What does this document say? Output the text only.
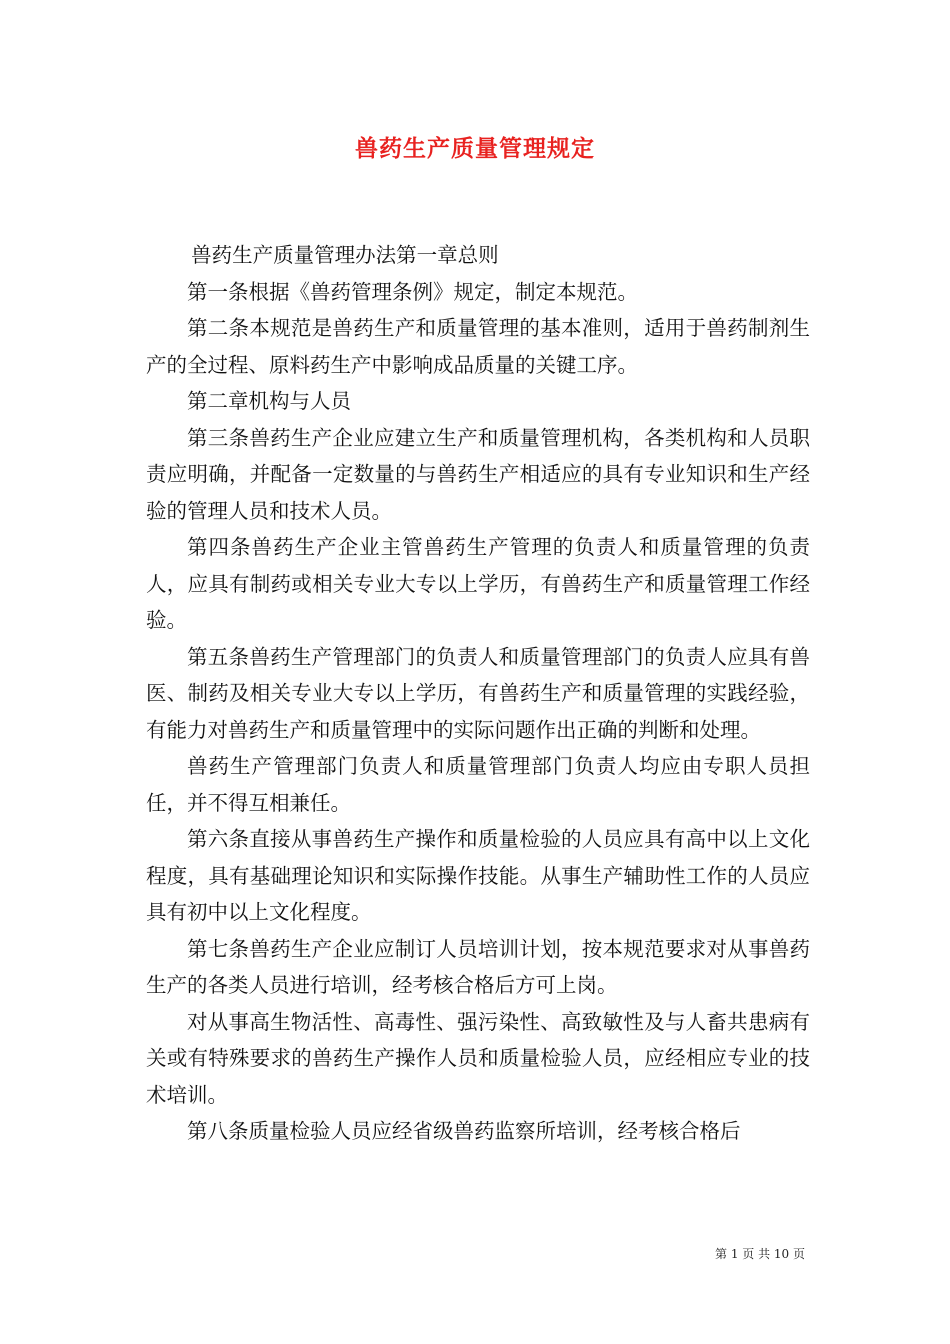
兽药生产质量管理规定

兽药生产质量管理办法第一章总则

第一条根据《兽药管理条例》规定，制定本规范。

第二条本规范是兽药生产和质量管理的基本准则，适用于兽药制剂生产的全过程、原料药生产中影响成品质量的关键工序。

第二章机构与人员

第三条兽药生产企业应建立生产和质量管理机构，各类机构和人员职责应明确，并配备一定数量的与兽药生产相适应的具有专业知识和生产经验的管理人员和技术人员。

第四条兽药生产企业主管兽药生产管理的负责人和质量管理的负责人，应具有制药或相关专业大专以上学历，有兽药生产和质量管理工作经验。

第五条兽药生产管理部门的负责人和质量管理部门的负责人应具有兽医、制药及相关专业大专以上学历，有兽药生产和质量管理的实践经验，有能力对兽药生产和质量管理中的实际问题作出正确的判断和处理。

兽药生产管理部门负责人和质量管理部门负责人均应由专职人员担任，并不得互相兼任。

第六条直接从事兽药生产操作和质量检验的人员应具有高中以上文化程度，具有基础理论知识和实际操作技能。从事生产辅助性工作的人员应具有初中以上文化程度。

第七条兽药生产企业应制订人员培训计划，按本规范要求对从事兽药生产的各类人员进行培训，经考核合格后方可上岗。

对从事高生物活性、高毒性、强污染性、高致敏性及与人畜共患病有关或有特殊要求的兽药生产操作人员和质量检验人员，应经相应专业的技术培训。

第八条质量检验人员应经省级兽药监察所培训，经考核合格后

第 1 页 共 10 页
